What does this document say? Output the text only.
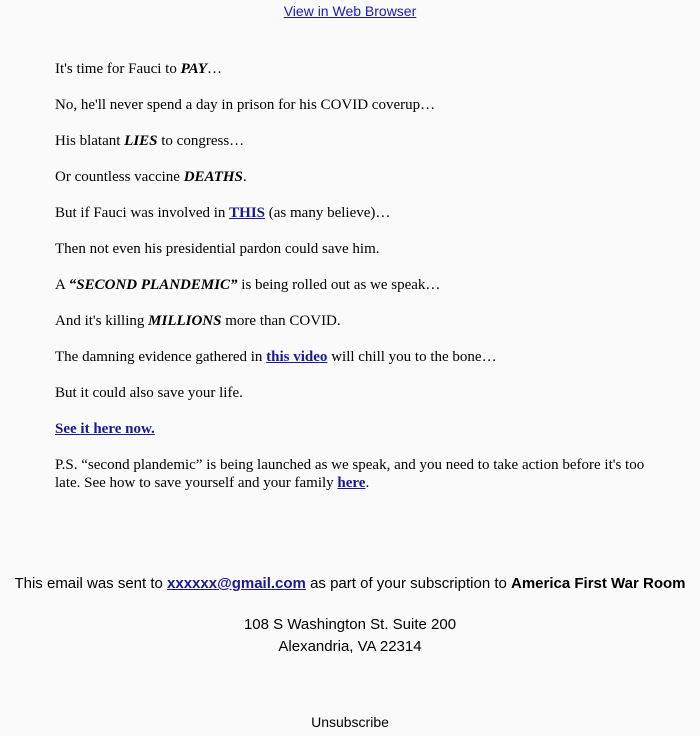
View in Web Browser

It's time for Fauci to PAY…

No, he'll never spend a day in prison for his COVID coverup…

His blatant LIES to congress…

Or countless vaccine DEATHS.

But if Fauci was involved in THIS (as many believe)…

Then not even his presidential pardon could save him.

A “SECOND PLANDEMIC” is being rolled out as we speak…

And it's killing MILLIONS more than COVID.

The damning evidence gathered in this video will chill you to the bone…

But it could also save your life.

See it here now.

P.S. “second plandemic” is being launched as we speak, and you need to take action before it's too late. See how to save yourself and your family here.

This email was sent to xxxxxx@gmail.com as part of your subscription to America First War Room
108 S Washington St. Suite 200
Alexandria, VA 22314
Unsubscribe
